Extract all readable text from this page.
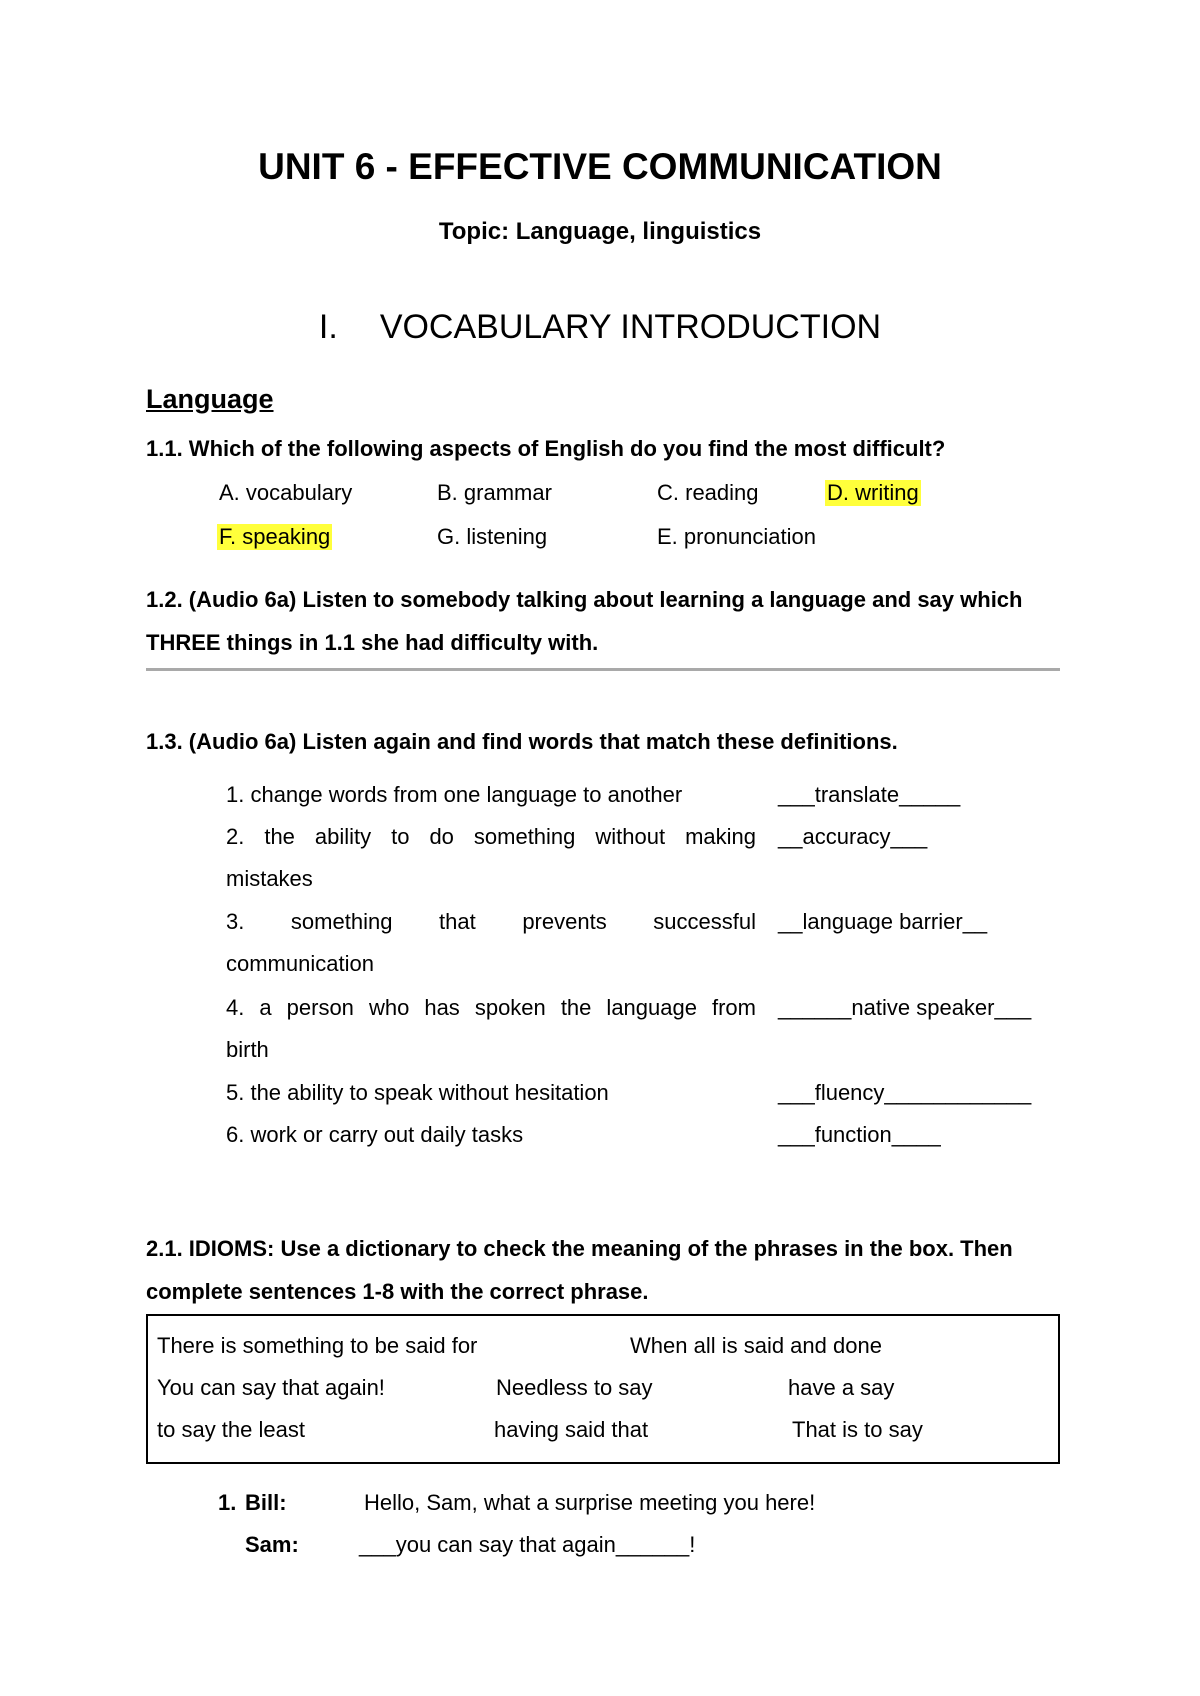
UNIT 6 - EFFECTIVE COMMUNICATION
Topic: Language, linguistics
I. VOCABULARY INTRODUCTION
Language
1.1. Which of the following aspects of English do you find the most difficult?
A. vocabulary	B. grammar	C. reading	D. writing
F. speaking	G. listening	E. pronunciation
1.2. (Audio 6a) Listen to somebody talking about learning a language and say which
THREE things in 1.1 she had difficulty with.
1.3. (Audio 6a) Listen again and find words that match these definitions.
1. change words from one language to another	___translate_____
2. the ability to do something without making __accuracy___
mistakes
3. something that prevents successful __language barrier__
communication
4. a person who has spoken the language from ______native speaker___
birth
5. the ability to speak without hesitation	___fluency____________
6. work or carry out daily tasks	___function____
2.1. IDIOMS: Use a dictionary to check the meaning of the phrases in the box. Then
complete sentences 1-8 with the correct phrase.
There is something to be said for	When all is said and done
You can say that again!	Needless to say	have a say
to say the least	having said that	That is to say
1. Bill:	Hello, Sam, what a surprise meeting you here!
Sam:	___you can say that again______!
